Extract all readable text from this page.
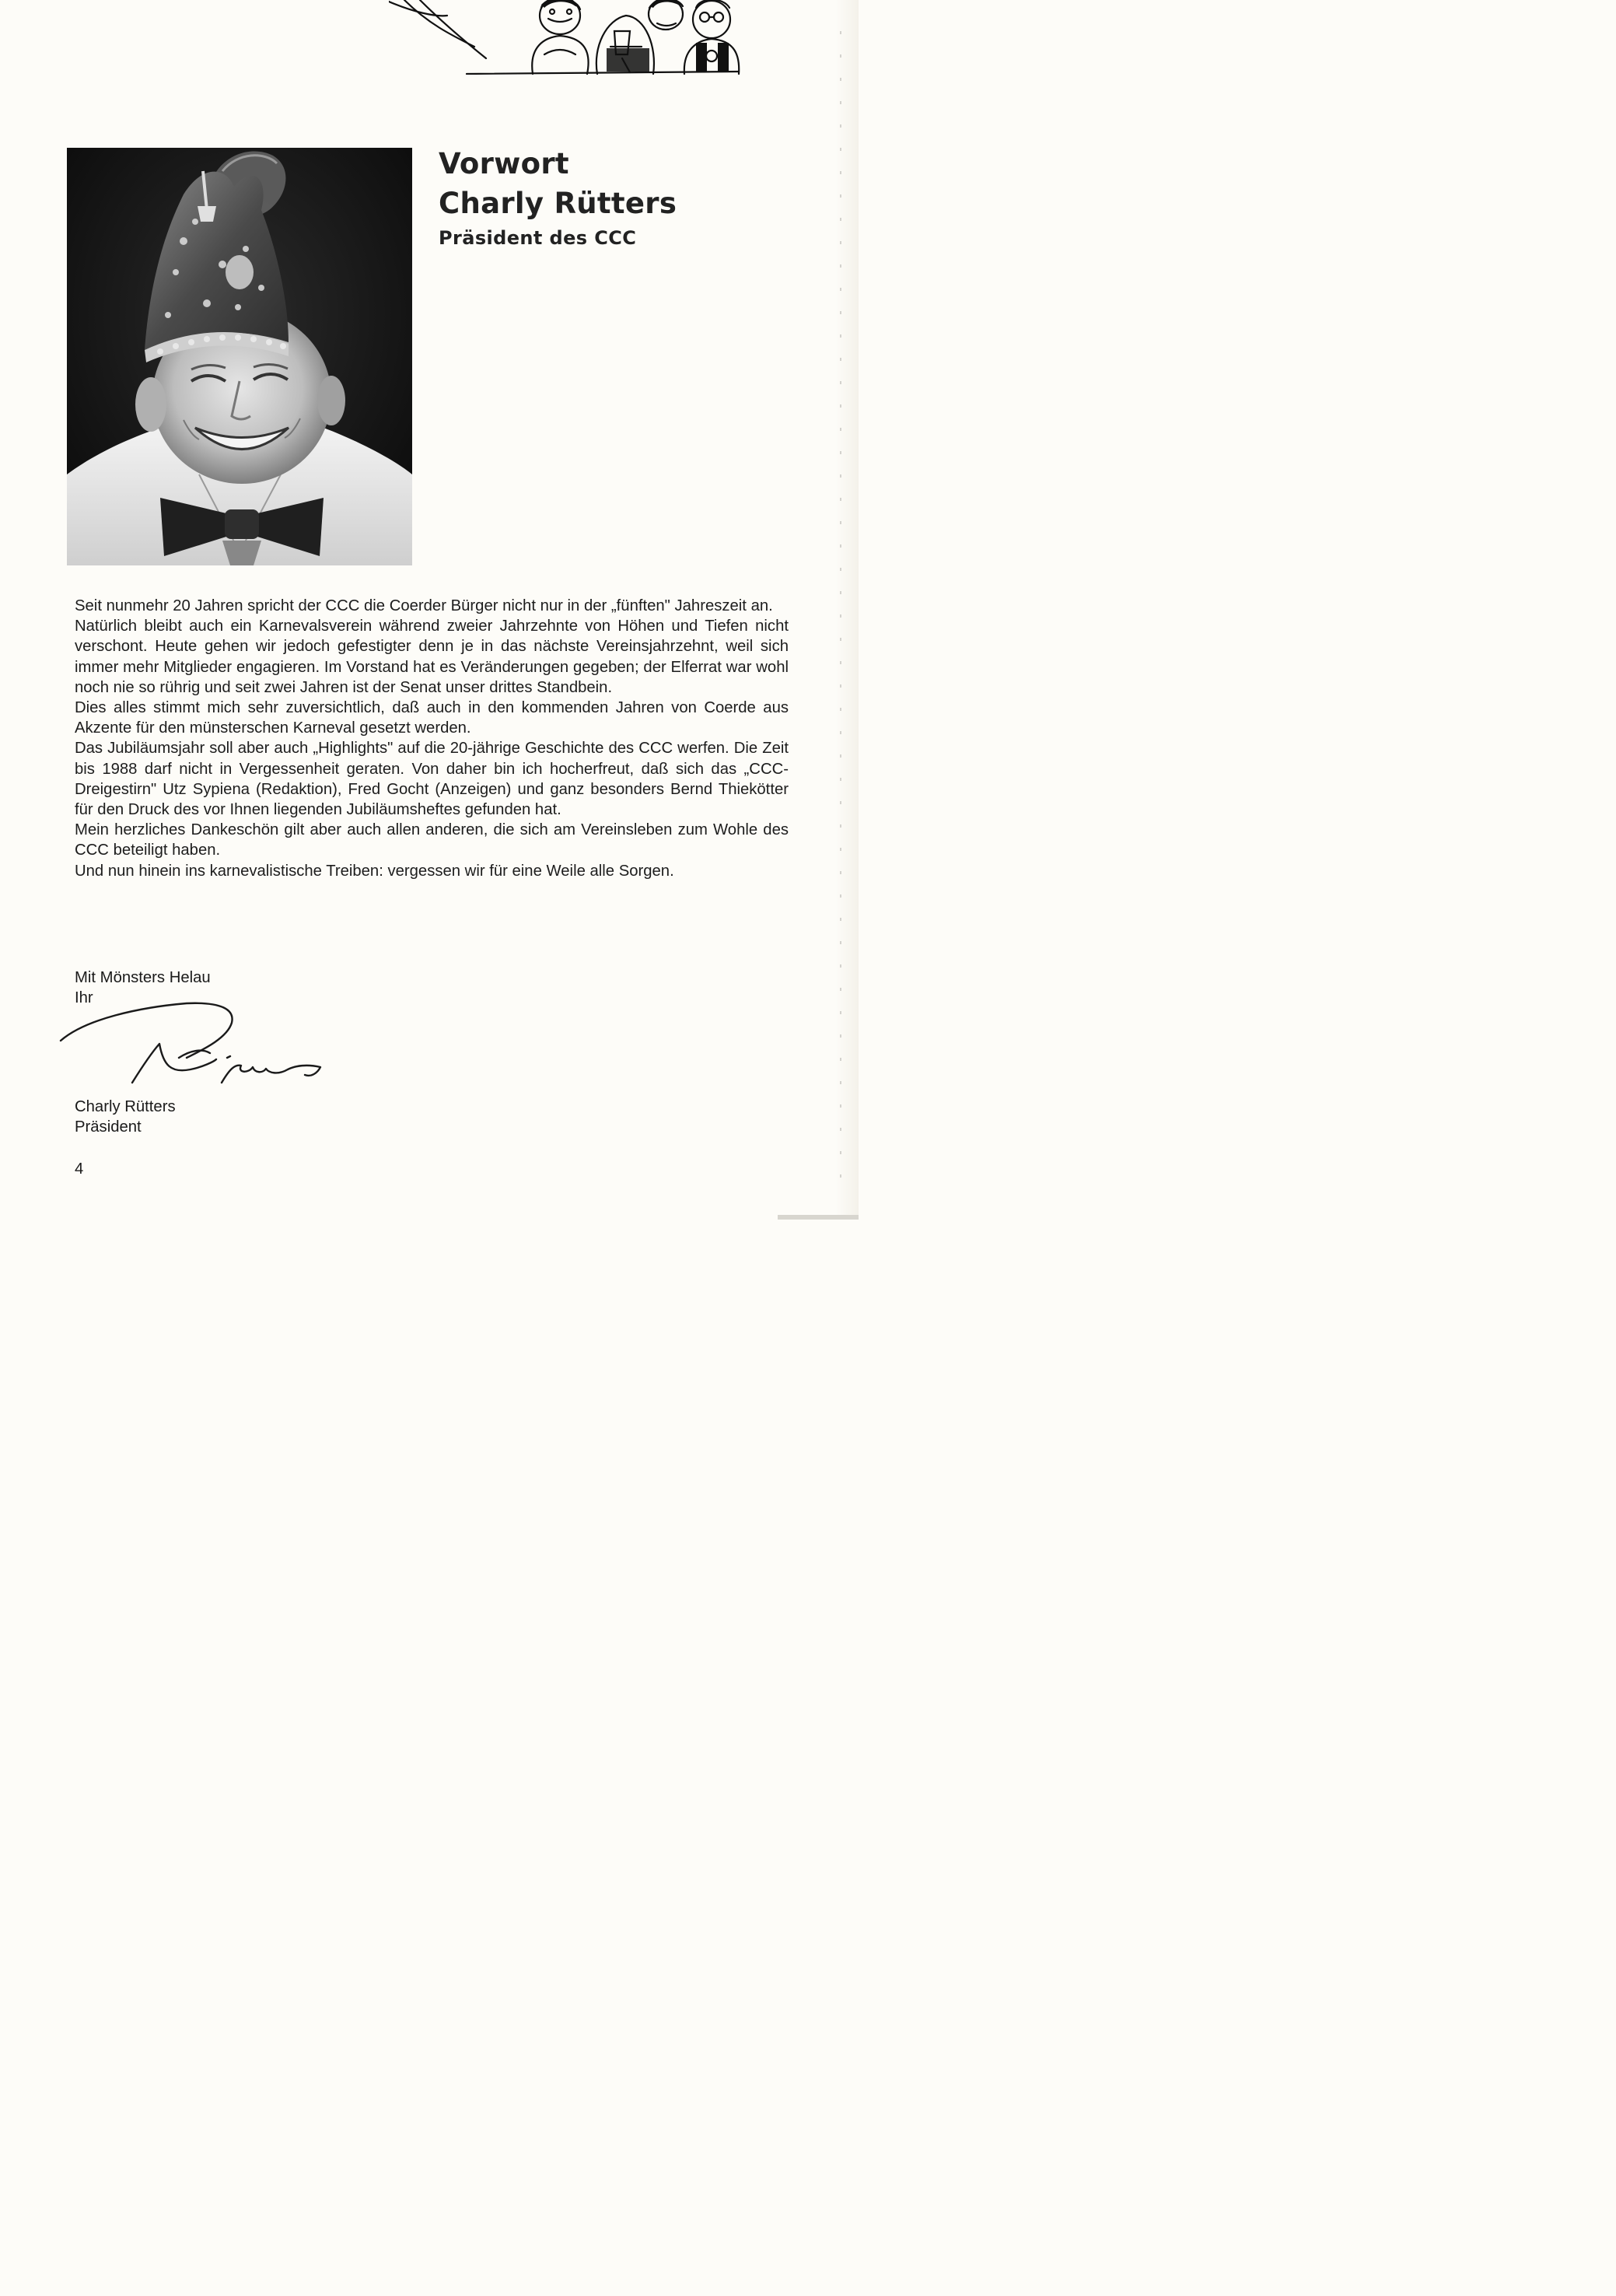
Vorwort
Charly Rütters
Präsident des CCC

Seit nunmehr 20 Jahren spricht der CCC die Coerder Bürger nicht nur in der „fünften" Jahreszeit an.

Natürlich bleibt auch ein Karnevalsverein während zweier Jahrzehnte von Höhen und Tiefen nicht verschont. Heute gehen wir jedoch gefestigter denn je in das nächste Vereinsjahrzehnt, weil sich immer mehr Mitglieder engagieren. Im Vorstand hat es Veränderungen gegeben; der Elferrat war wohl noch nie so rührig und seit zwei Jahren ist der Senat unser drittes Standbein.

Dies alles stimmt mich sehr zuversichtlich, daß auch in den kommenden Jahren von Coerde aus Akzente für den münsterschen Karneval gesetzt werden.

Das Jubiläumsjahr soll aber auch „Highlights" auf die 20-jährige Geschichte des CCC werfen. Die Zeit bis 1988 darf nicht in Vergessenheit geraten. Von daher bin ich hocherfreut, daß sich das „CCC-Dreigestirn" Utz Sypiena (Redaktion), Fred Gocht (Anzeigen) und ganz besonders Bernd Thiekötter für den Druck des vor Ihnen liegenden Jubiläumsheftes gefunden hat.

Mein herzliches Dankeschön gilt aber auch allen anderen, die sich am Vereinsleben zum Wohle des CCC beteiligt haben.

Und nun hinein ins karnevalistische Treiben: vergessen wir für eine Weile alle Sorgen.

Mit Mönsters Helau
Ihr
Charly Rütters
Präsident
4
